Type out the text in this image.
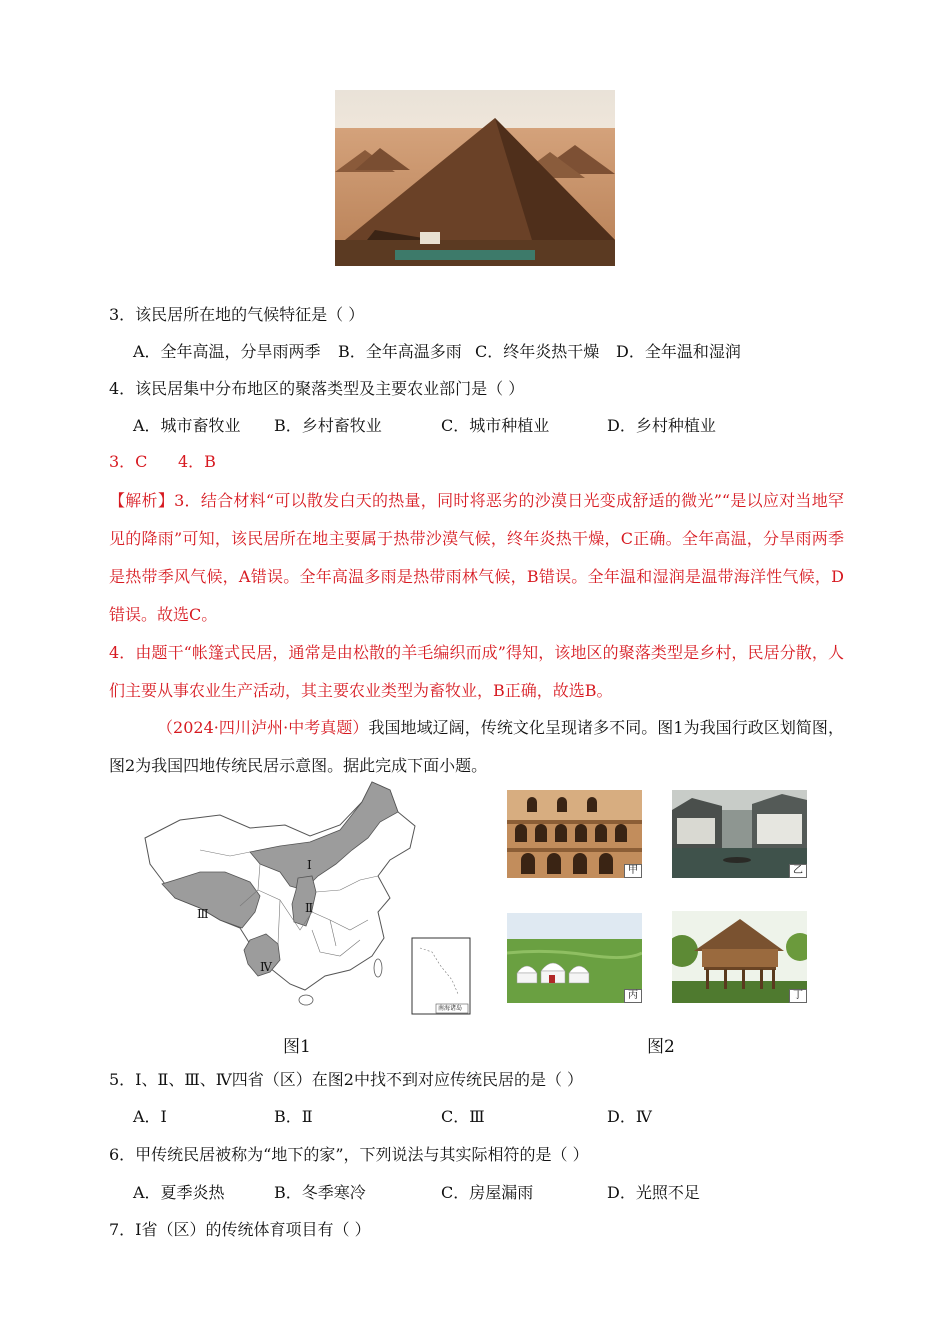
3．该民居所在地的气候特征是（ ）
A．全年高温，分旱雨两季 B．全年高温多雨 C．终年炎热干燥 D．全年温和湿润
4．该民居集中分布地区的聚落类型及主要农业部门是（ ）
A．城市畜牧业 B．乡村畜牧业	C．城市种植业	D．乡村种植业
3．C      4．B
【解析】3．结合材料“可以散发白天的热量，同时将恶劣的沙漠日光变成舒适的微光”“是以应对当地罕见的降雨”可知，该民居所在地主要属于热带沙漠气候，终年炎热干燥，C正确。全年高温，分旱雨两季是热带季风气候，A错误。全年高温多雨是热带雨林气候，B错误。全年温和湿润是温带海洋性气候，D错误。故选C。
4．由题干“帐篷式民居，通常是由松散的羊毛编织而成”得知，该地区的聚落类型是乡村，民居分散，人们主要从事农业生产活动，其主要农业类型为畜牧业，B正确，故选B。
（2024·四川泸州·中考真题）我国地域辽阔，传统文化呈现诸多不同。图1为我国行政区划简图，图2为我国四地传统民居示意图。据此完成下面小题。
Ⅰ
Ⅱ
Ⅲ
Ⅳ
南海诸岛
图1
甲	乙
丙	丁
图2
5．Ⅰ、Ⅱ、Ⅲ、Ⅳ四省（区）在图2中找不到对应传统民居的是（ ）
A．Ⅰ	B．Ⅱ	C．Ⅲ	D．Ⅳ
6．甲传统民居被称为“地下的家”，下列说法与其实际相符的是（ ）
A．夏季炎热	B．冬季寒冷	C．房屋漏雨	D．光照不足
7．Ⅰ省（区）的传统体育项目有（ ）
